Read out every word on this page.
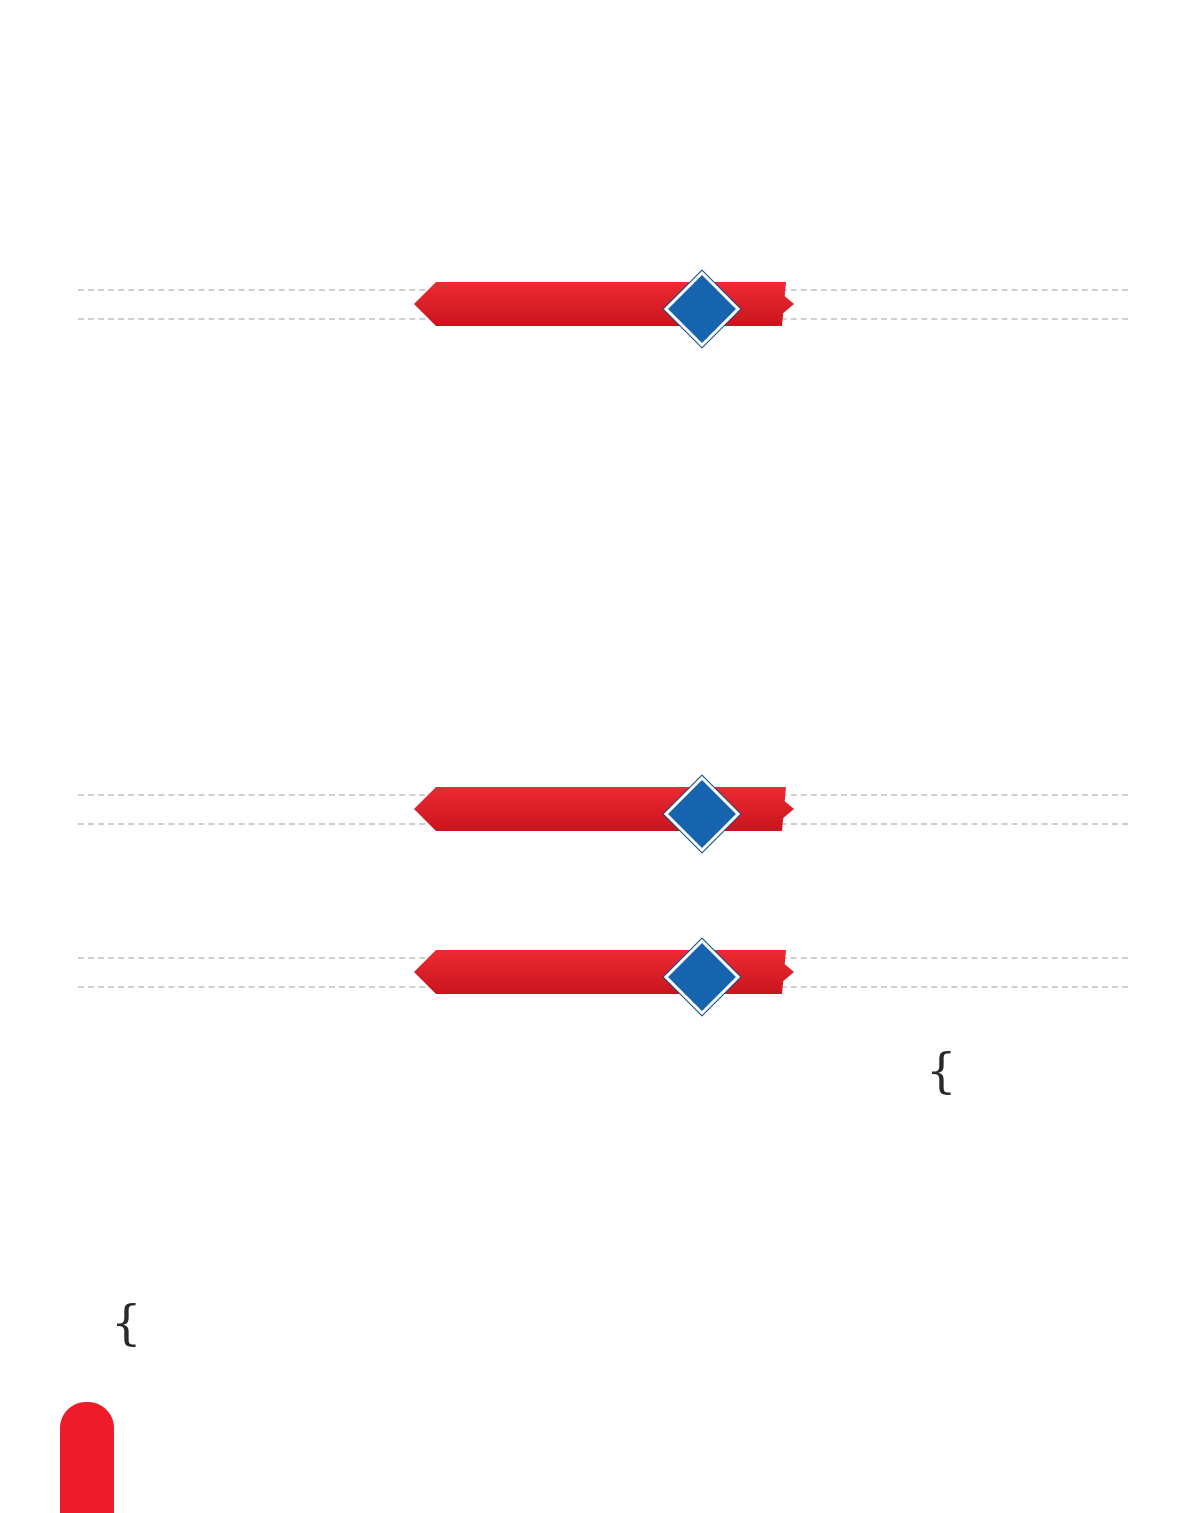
{
{
